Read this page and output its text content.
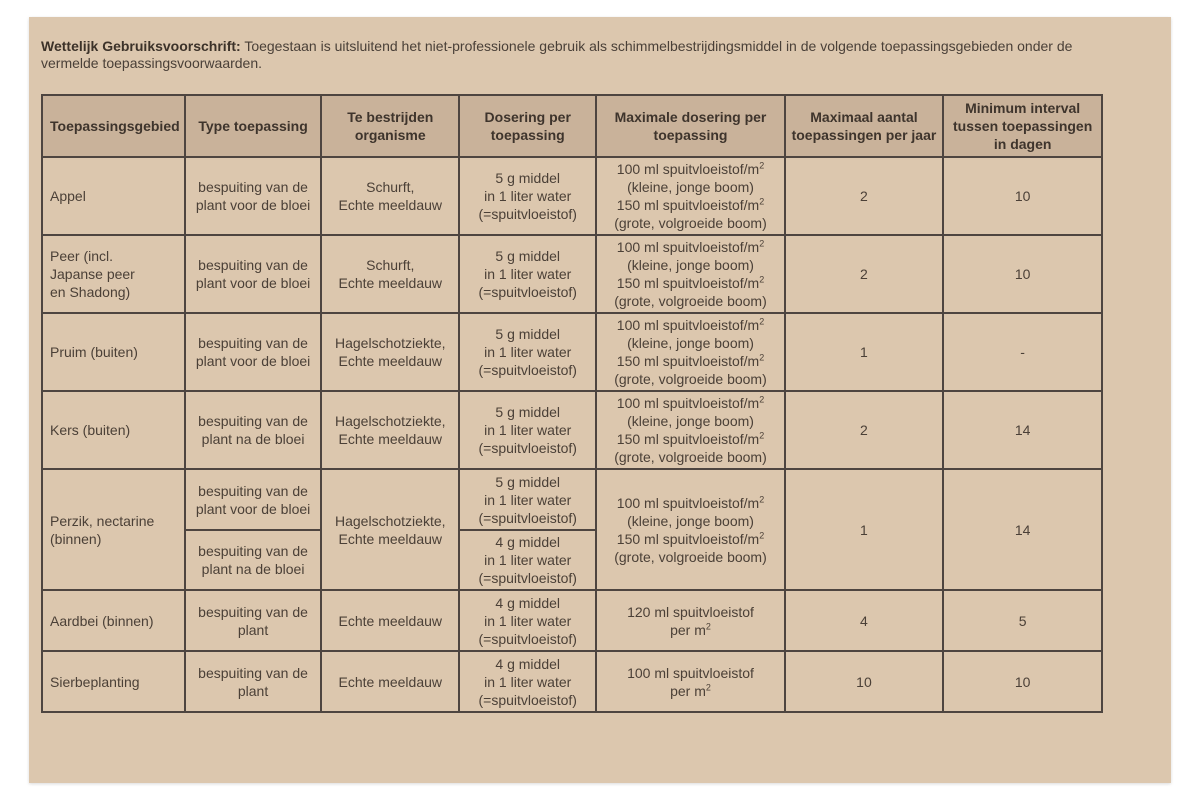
Wettelijk Gebruiksvoorschrift: Toegestaan is uitsluitend het niet-professionele gebruik als schimmelbestrijdingsmiddel in de volgende toepassingsgebieden onder de vermelde toepassingsvoorwaarden.
Toepassingsgebied	Type toepassing	Te bestrijden organisme	Dosering per toepassing	Maximale dosering per toepassing	Maximaal aantal toepassingen per jaar	Minimum interval tussen toepassingen in dagen
Appel	bespuiting van de
plant voor de bloei	Schurft,
Echte meeldauw	5 g middel
in 1 liter water
(=spuitvloeistof)	100 ml spuitvloeistof/$m^2$
(kleine, jonge boom)
150 ml spuitvloeistof/$m^2$
(grote, volgroeide boom)	2	10
Peer (incl.
Japanse peer
en Shadong)	bespuiting van de
plant voor de bloei	Schurft,
Echte meeldauw	5 g middel
in 1 liter water
(=spuitvloeistof)	100 ml spuitvloeistof/$m^2$
(kleine, jonge boom)
150 ml spuitvloeistof/$m^2$
(grote, volgroeide boom)	2	10
Pruim (buiten)	bespuiting van de
plant voor de bloei	Hagelschotziekte,
Echte meeldauw	5 g middel
in 1 liter water
(=spuitvloeistof)	100 ml spuitvloeistof/$m^2$
(kleine, jonge boom)
150 ml spuitvloeistof/$m^2$
(grote, volgroeide boom)	1	-
Kers (buiten)	bespuiting van de
plant na de bloei	Hagelschotziekte,
Echte meeldauw	5 g middel
in 1 liter water
(=spuitvloeistof)	100 ml spuitvloeistof/$m^2$
(kleine, jonge boom)
150 ml spuitvloeistof/$m^2$
(grote, volgroeide boom)	2	14
Perzik, nectarine
(binnen)	bespuiting van de
plant voor de bloei	Hagelschotziekte,
Echte meeldauw	5 g middel
in 1 liter water
(=spuitvloeistof)	100 ml spuitvloeistof/$m^2$
(kleine, jonge boom)
150 ml spuitvloeistof/$m^2$
(grote, volgroeide boom)	1	14
	bespuiting van de
plant na de bloei		4 g middel
in 1 liter water
(=spuitvloeistof)			
Aardbei (binnen)	bespuiting van de
plant	Echte meeldauw	4 g middel
in 1 liter water
(=spuitvloeistof)	120 ml spuitvloeistof
per $m^2$	4	5
Sierbeplanting	bespuiting van de
plant	Echte meeldauw	4 g middel
in 1 liter water
(=spuitvloeistof)	100 ml spuitvloeistof
per $m^2$	10	10
